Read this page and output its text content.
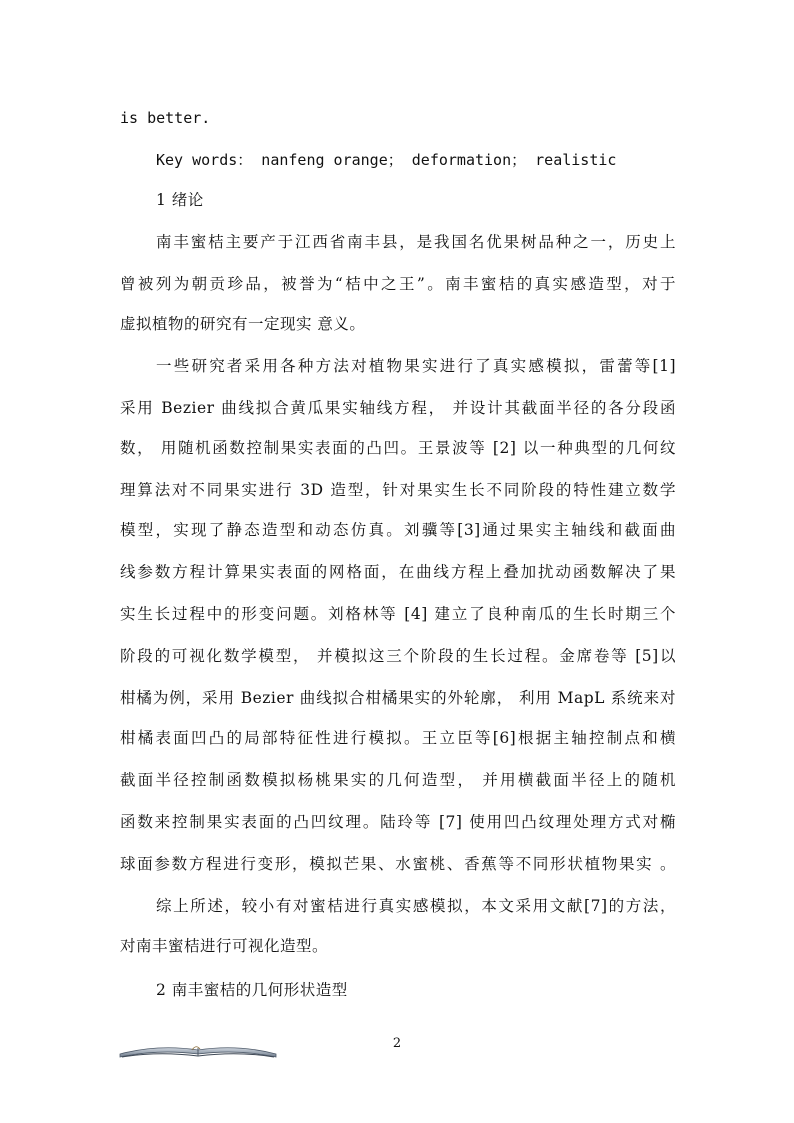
is better.
Key words： nanfeng orange； deformation； realistic
1 绪论
南丰蜜桔主要产于江西省南丰县，是我国名优果树品种之一，历史上
曾被列为朝贡珍品，被誉为“桔中之王”。南丰蜜桔的真实感造型，对于
虚拟植物的研究有一定现实 意义。
一些研究者采用各种方法对植物果实进行了真实感模拟，雷蕾等[1]
采用 Bezier 曲线拟合黄瓜果实轴线方程， 并设计其截面半径的各分段函
数， 用随机函数控制果实表面的凸凹。王景波等 [2] 以一种典型的几何纹
理算法对不同果实进行 3D 造型，针对果实生长不同阶段的特性建立数学
模型，实现了静态造型和动态仿真。刘骥等[3]通过果实主轴线和截面曲
线参数方程计算果实表面的网格面，在曲线方程上叠加扰动函数解决了果
实生长过程中的形变问题。刘格林等 [4] 建立了良种南瓜的生长时期三个
阶段的可视化数学模型， 并模拟这三个阶段的生长过程。金席卷等 [5]以
柑橘为例，采用 Bezier 曲线拟合柑橘果实的外轮廓， 利用 MapL 系统来对
柑橘表面凹凸的局部特征性进行模拟。王立臣等[6]根据主轴控制点和横
截面半径控制函数模拟杨桃果实的几何造型， 并用横截面半径上的随机
函数来控制果实表面的凸凹纹理。陆玲等 [7] 使用凹凸纹理处理方式对椭
球面参数方程进行变形，模拟芒果、水蜜桃、香蕉等不同形状植物果实 。
综上所述，较小有对蜜桔进行真实感模拟，本文采用文献[7]的方法，
对南丰蜜桔进行可视化造型。
2 南丰蜜桔的几何形状造型
2
